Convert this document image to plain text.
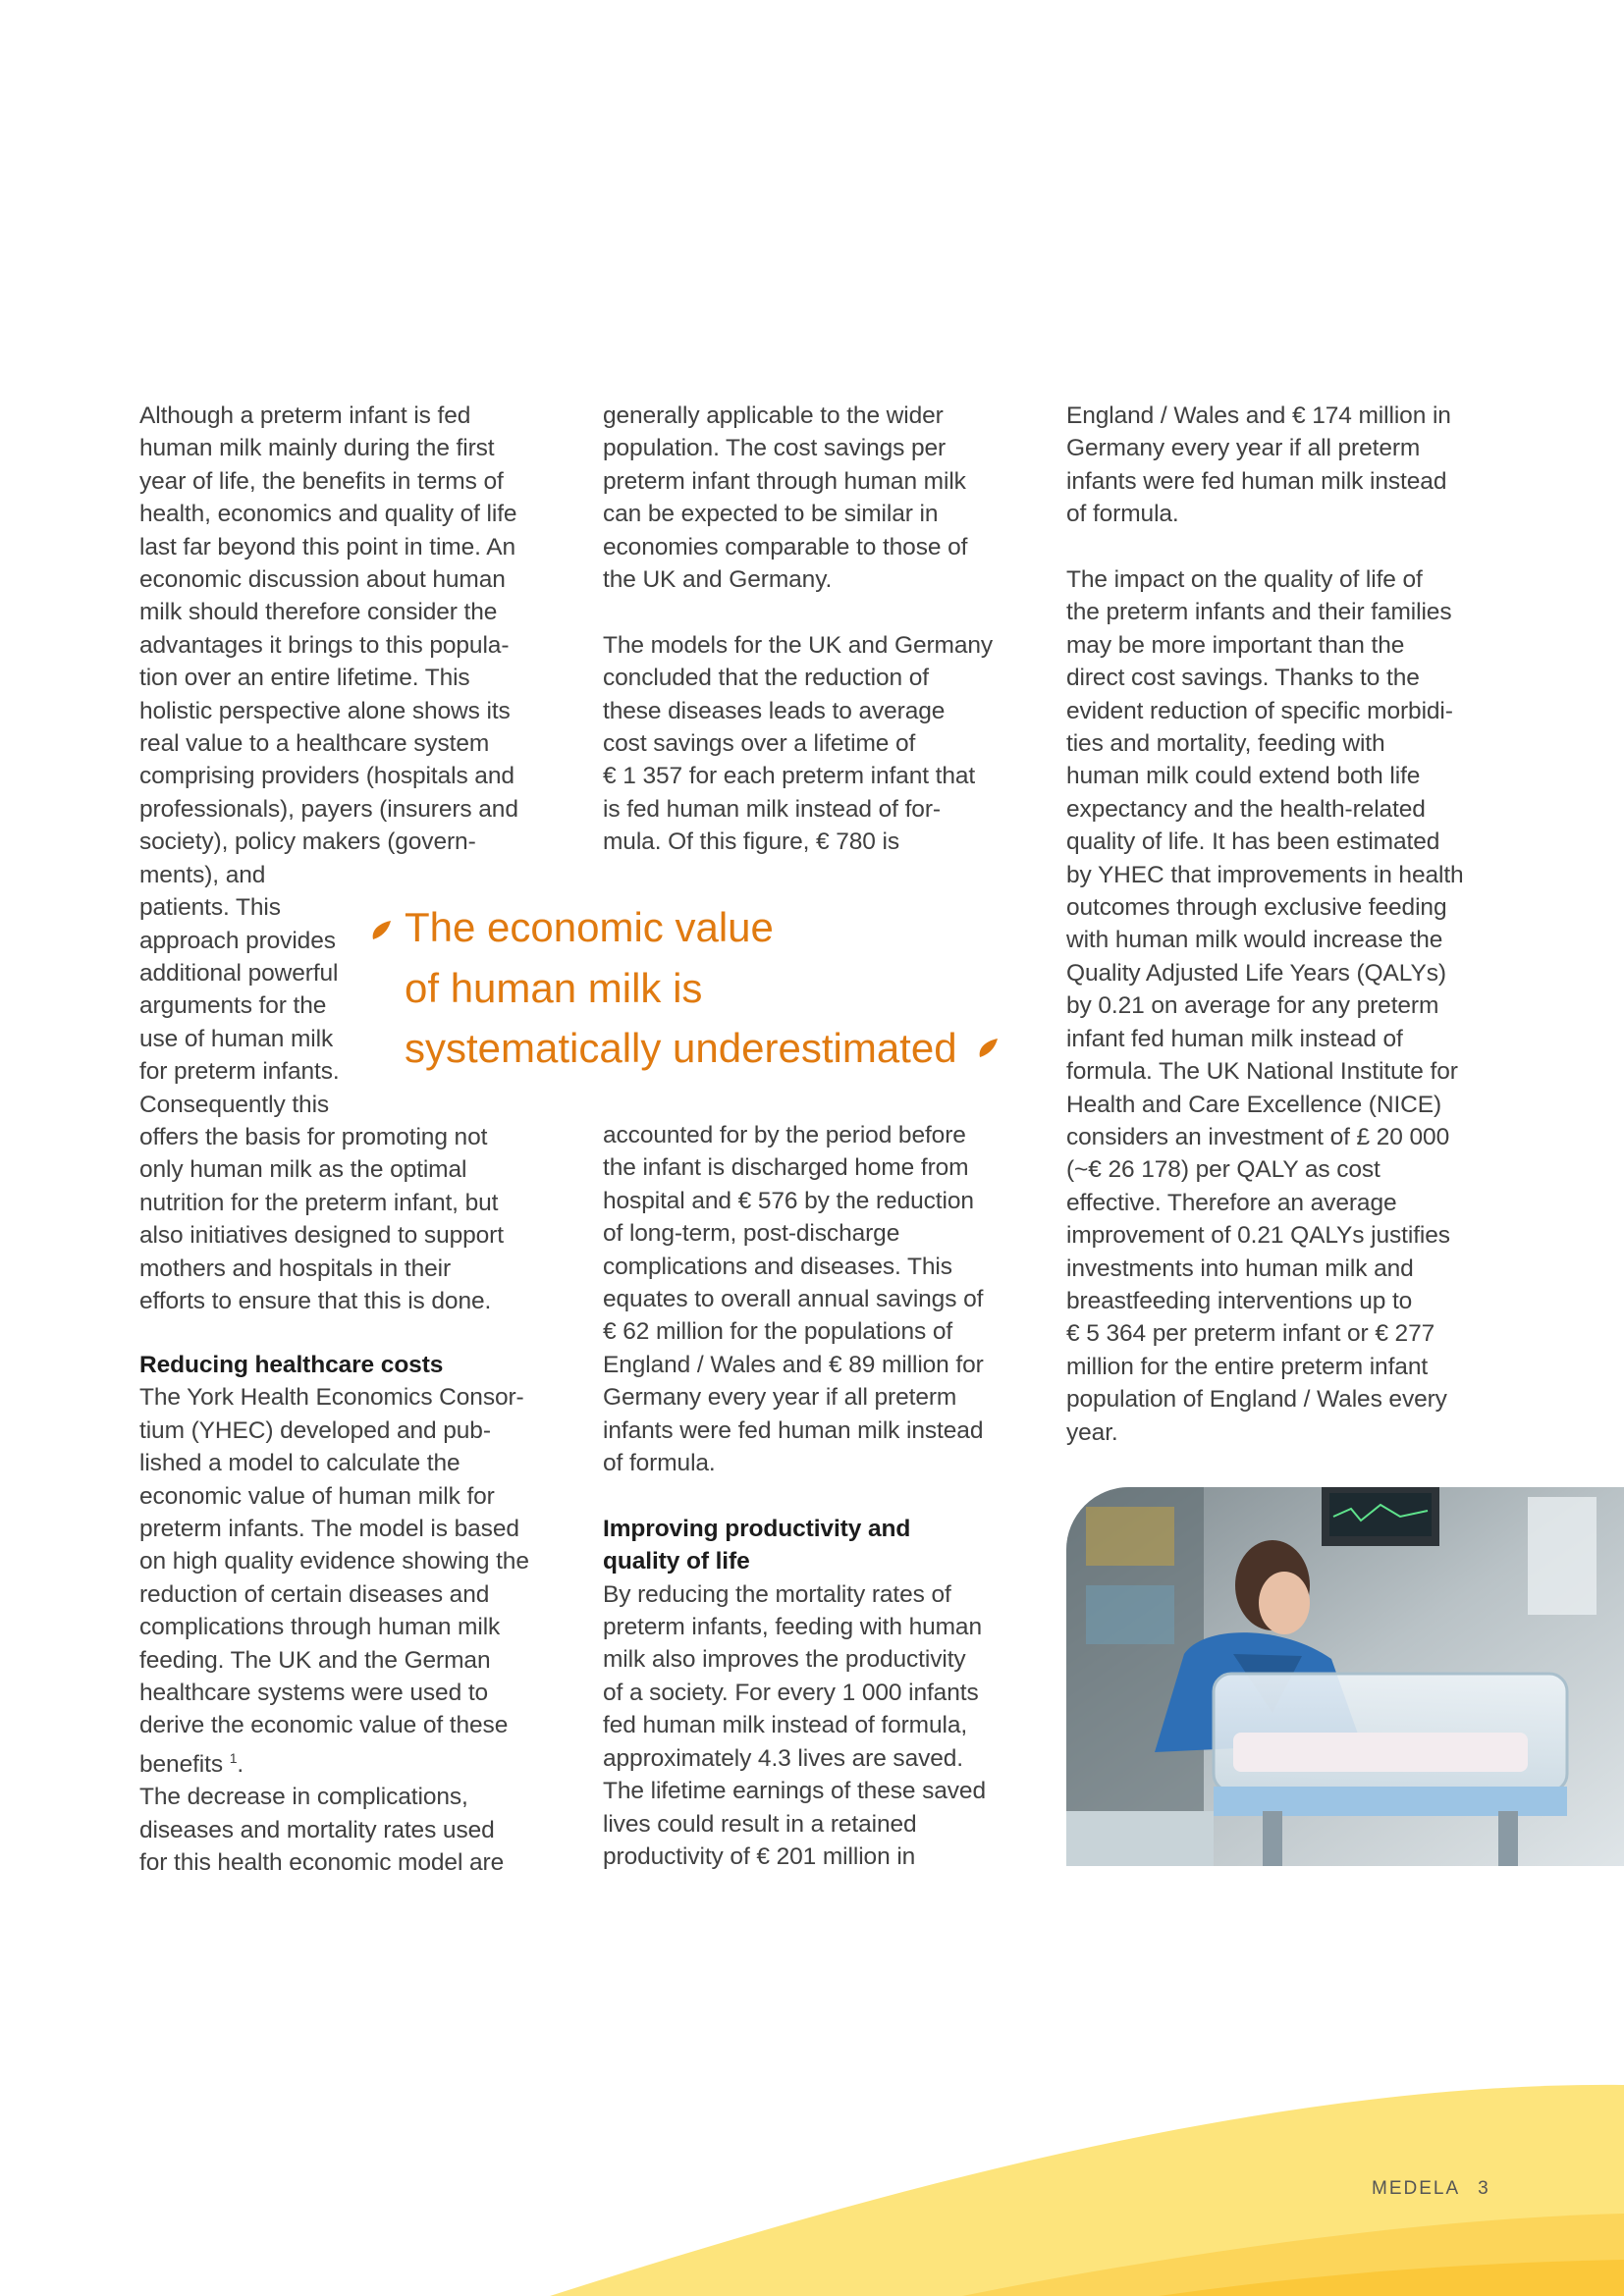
Although a preterm infant is fed
human milk mainly during the first
year of life, the benefits in terms of
health, economics and quality of life
last far beyond this point in time. An
economic discussion about human
milk should therefore consider the
advantages it brings to this popula-
tion over an entire lifetime. This
holistic perspective alone shows its
real value to a healthcare system
comprising providers (hospitals and
professionals), payers (insurers and
society), policy makers (govern-
ments), and
patients. This
approach provides
additional powerful
arguments for the
use of human milk
for preterm infants.
Consequently this
offers the basis for promoting not
only human milk as the optimal
nutrition for the preterm infant, but
also initiatives designed to support
mothers and hospitals in their
efforts to ensure that this is done.
Reducing healthcare costs
The York Health Economics Consor-
tium (YHEC) developed and pub-
lished a model to calculate the
economic value of human milk for
preterm infants. The model is based
on high quality evidence showing the
reduction of certain diseases and
complications through human milk
feeding. The UK and the German
healthcare systems were used to
derive the economic value of these
benefits $^1$.
The decrease in complications,
diseases and mortality rates used
for this health economic model are
generally applicable to the wider
population. The cost savings per
preterm infant through human milk
can be expected to be similar in
economies comparable to those of
the UK and Germany.
The models for the UK and Germany
concluded that the reduction of
these diseases leads to average
cost savings over a lifetime of
€ 1 357 for each preterm infant that
is fed human milk instead of for-
mula. Of this figure, € 780 is
accounted for by the period before
the infant is discharged home from
hospital and € 576 by the reduction
of long-term, post-discharge
complications and diseases. This
equates to overall annual savings of
€ 62 million for the populations of
England / Wales and € 89 million for
Germany every year if all preterm
infants were fed human milk instead
of formula.
Improving productivity and
quality of life
By reducing the mortality rates of
preterm infants, feeding with human
milk also improves the productivity
of a society. For every 1 000 infants
fed human milk instead of formula,
approximately 4.3 lives are saved.
The lifetime earnings of these saved
lives could result in a retained
productivity of € 201 million in
England / Wales and € 174 million in
Germany every year if all preterm
infants were fed human milk instead
of formula.
The impact on the quality of life of
the preterm infants and their families
may be more important than the
direct cost savings. Thanks to the
evident reduction of specific morbidi-
ties and mortality, feeding with
human milk could extend both life
expectancy and the health-related
quality of life. It has been estimated
by YHEC that improvements in health
outcomes through exclusive feeding
with human milk would increase the
Quality Adjusted Life Years (QALYs)
by 0.21 on average for any preterm
infant fed human milk instead of
formula. The UK National Institute for
Health and Care Excellence (NICE)
considers an investment of £ 20 000
(~€ 26 178) per QALY as cost
effective. Therefore an average
improvement of 0.21 QALYs justifies
investments into human milk and
breastfeeding interventions up to
€ 5 364 per preterm infant or € 277
million for the entire preterm infant
population of England / Wales every
year.
The economic value
of human milk is
systematically underestimated
MEDELA 3
